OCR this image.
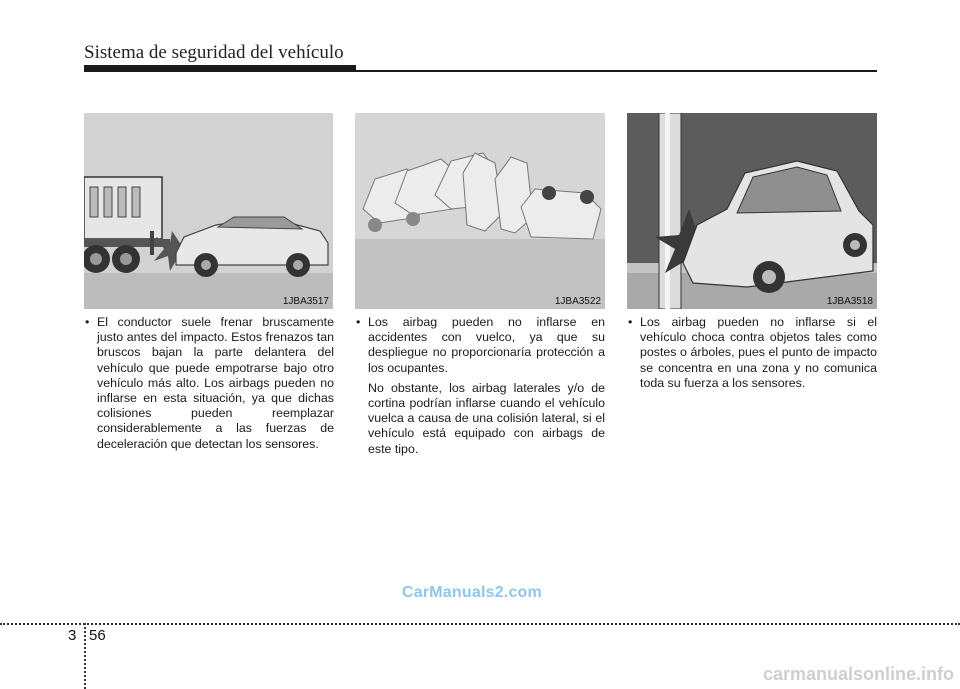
Sistema de seguridad del vehículo
1JBA3517	1JBA3522	1JBA3518

• El conductor suele frenar bruscamente justo antes del impacto. Estos frenazos tan bruscos bajan la parte delantera del vehículo que puede empotrarse bajo otro vehículo más alto. Los airbags pueden no inflarse en esta situación, ya que dichas colisiones pueden reemplazar considerablemente a las fuerzas de deceleración que detectan los sensores.

• Los airbag pueden no inflarse en accidentes con vuelco, ya que su despliegue no proporcionaría protección a los ocupantes.

No obstante, los airbag laterales y/o de cortina podrían inflarse cuando el vehículo vuelca a causa de una colisión lateral, si el vehículo está equipado con airbags de este tipo.

• Los airbag pueden no inflarse si el vehículo choca contra objetos tales como postes o árboles, pues el punto de impacto se concentra en una zona y no comunica toda su fuerza a los sensores.

CarManuals2.com
3 56
carmanualsonline.info
